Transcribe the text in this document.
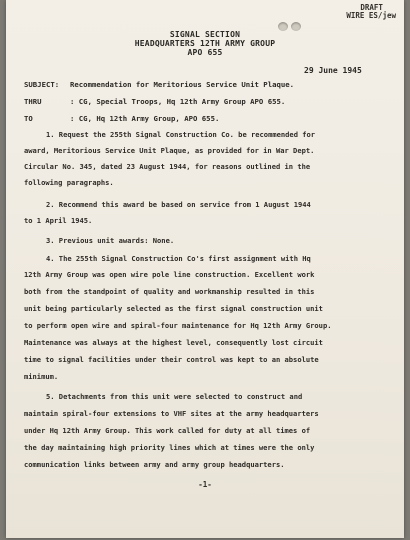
DRAFT
WIRE ES/jew
SIGNAL SECTION
HEADQUARTERS 12TH ARMY GROUP
APO 655
29 June 1945
SUBJECT: Recommendation for Meritorious Service Unit Plaque.
THRU	: CG, Special Troops, Hq 12th Army Group APO 655.
TO	: CG, Hq 12th Army Group, APO 655.
1. Request the 255th Signal Construction Co. be recommended for
award, Meritorious Service Unit Plaque, as provided for in War Dept.
Circular No. 345, dated 23 August 1944, for reasons outlined in the
following paragraphs.
2. Recommend this award be based on service from 1 August 1944
to 1 April 1945.
3. Previous unit awards: None.
4. The 255th Signal Construction Co's first assignment with Hq
12th Army Group was open wire pole line construction. Excellent work
both from the standpoint of quality and workmanship resulted in this
unit being particularly selected as the first signal construction unit
to perform open wire and spiral-four maintenance for Hq 12th Army Group.
Maintenance was always at the highest level, consequently lost circuit
time to signal facilities under their control was kept to an absolute
minimum.
5. Detachments from this unit were selected to construct and
maintain spiral-four extensions to VHF sites at the army headquarters
under Hq 12th Army Group. This work called for duty at all times of
the day maintaining high priority lines which at times were the only
communication links between army and army group headquarters.
-1-
